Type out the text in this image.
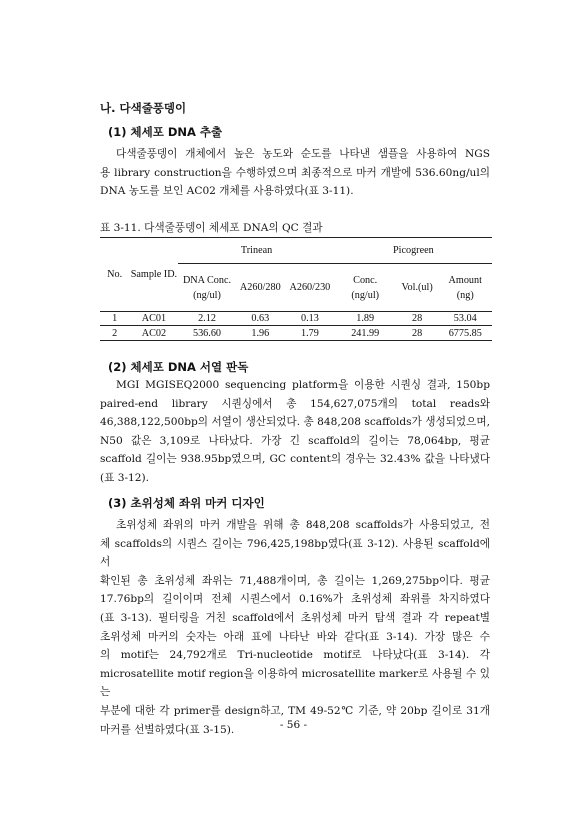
나. 다색줄풍뎅이
(1) 체세포 DNA 추출
다색줄풍뎅이 개체에서 높은 농도와 순도를 나타낸 샘플을 사용하여 NGS
용 library construction을 수행하였으며 최종적으로 마커 개발에 536.60ng/ul의
DNA 농도를 보인 AC02 개체를 사용하였다(표 3-11).
표 3-11. 다색줄풍뎅이 체세포 DNA의 QC 결과
No.	Sample ID.	Trinean			Picogreen		
		DNA Conc. (ng/ul)	A260/280	A260/230	Conc. (ng/ul)	Vol.(ul)	Amount (ng)
1	AC01	2.12	0.63	0.13	1.89	28	53.04
2	AC02	536.60	1.96	1.79	241.99	28	6775.85
(2) 체세포 DNA 서열 판독
MGI MGISEQ2000 sequencing platform을 이용한 시퀀싱 결과, 150bp
paired-end library 시퀀싱에서 총 154,627,075개의 total reads와
46,388,122,500bp의 서열이 생산되었다. 총 848,208 scaffolds가 생성되었으며,
N50 값은 3,109로 나타났다. 가장 긴 scaffold의 길이는 78,064bp, 평균
scaffold 길이는 938.95bp였으며, GC content의 경우는 32.43% 값을 나타냈다
(표 3-12).
(3) 초위성체 좌위 마커 디자인
초위성체 좌위의 마커 개발을 위해 총 848,208 scaffolds가 사용되었고, 전
체 scaffolds의 시퀀스 길이는 796,425,198bp였다(표 3-12). 사용된 scaffold에서
확인된 총 초위성체 좌위는 71,488개이며, 총 길이는 1,269,275bp이다. 평균
17.76bp의 길이이며 전체 시퀀스에서 0.16%가 초위성체 좌위를 차지하였다
(표 3-13). 필터링을 거친 scaffold에서 초위성체 마커 탐색 결과 각 repeat별
초위성체 마커의 숫자는 아래 표에 나타난 바와 같다(표 3-14). 가장 많은 수
의 motif는 24,792개로 Tri-nucleotide motif로 나타났다(표 3-14). 각
microsatellite motif region을 이용하여 microsatellite marker로 사용될 수 있는
부분에 대한 각 primer를 design하고, TM 49-52℃ 기준, 약 20bp 길이로 31개
마커를 선별하였다(표 3-15).	- 56 -
